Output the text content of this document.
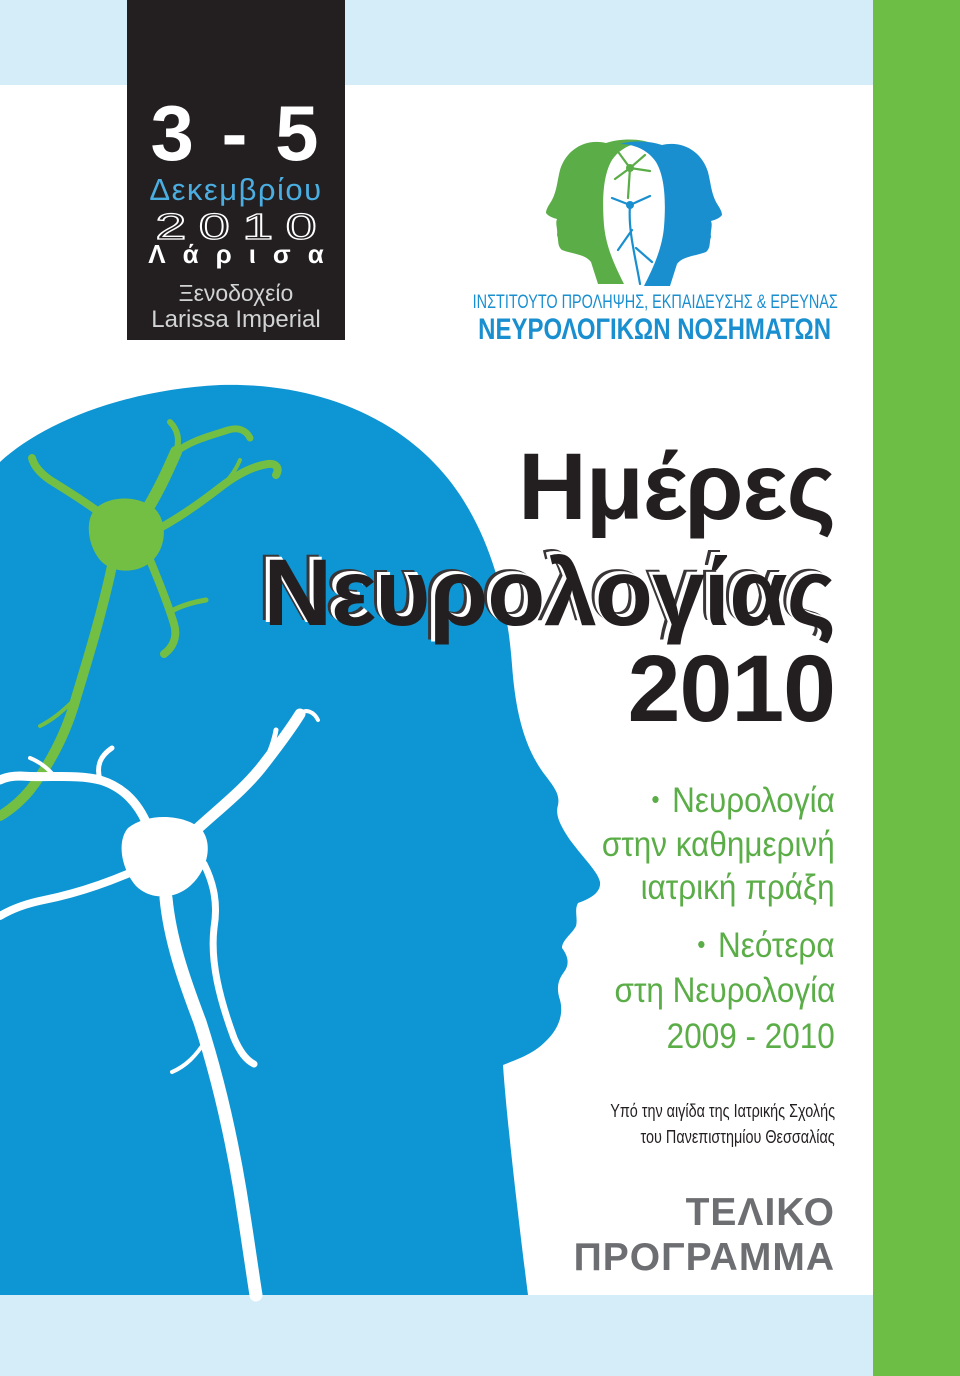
3 - 5
Δεκεμβρίου
2010
Λάρισα
Ξενοδοχείο
Larissa Imperial
ΙΝΣΤΙΤΟΥΤΟ ΠΡΟΛΗΨΗΣ, ΕΚΠΑΙΔΕΥΣΗΣ & ΕΡΕΥΝΑΣ
ΝΕΥΡΟΛΟΓΙΚΩΝ ΝΟΣΗΜΑΤΩΝ
Ημέρες
Νευρολογίας
2010
• Νευρολογία
στην καθημερινή
ιατρική πράξη
• Νεότερα
στη Νευρολογία
2009 - 2010
Υπό την αιγίδα της Ιατρικής Σχολής
του Πανεπιστημίου Θεσσαλίας
ΤΕΛΙΚΟ
ΠΡΟΓΡΑΜΜΑ
